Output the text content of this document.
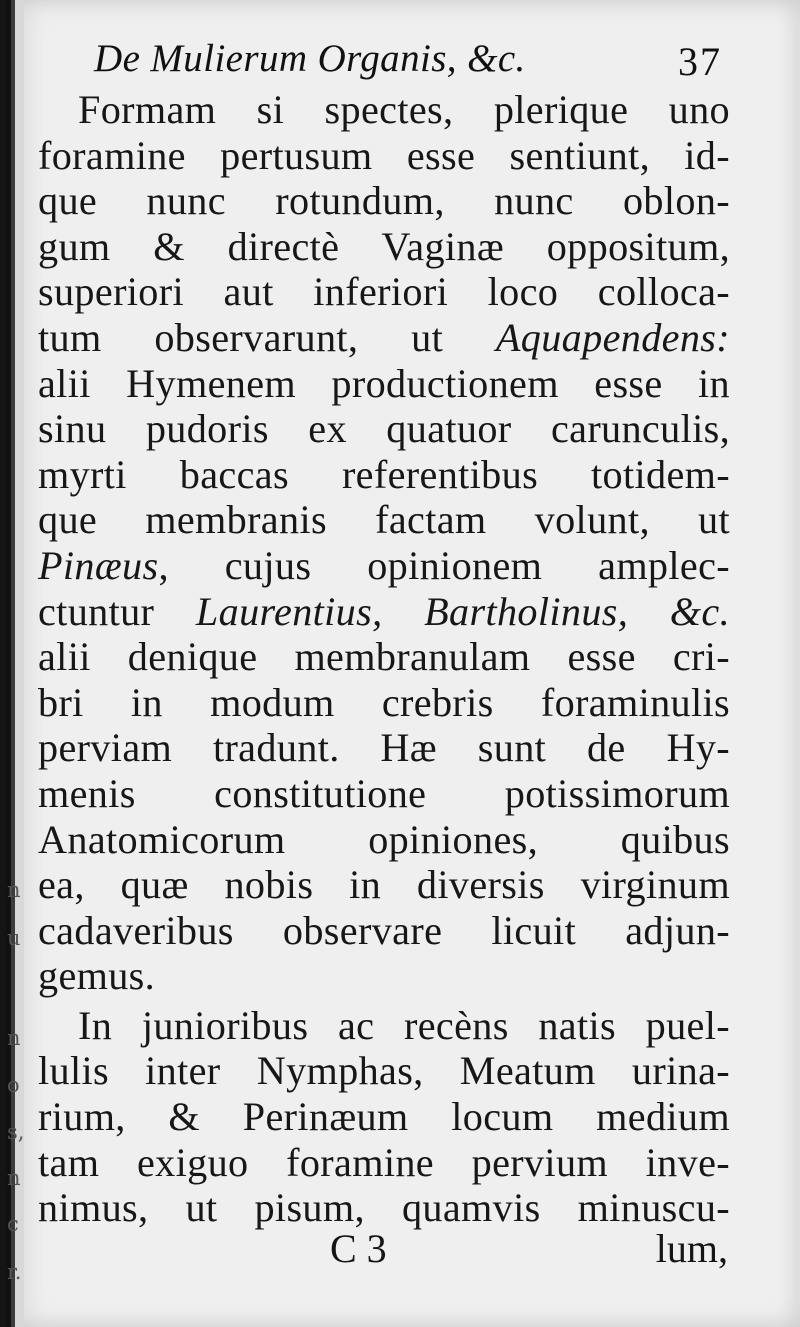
n
u
n
o
s,
n
c
r.
De Mulierum Organis, &c.	37
Formam si spectes, plerique uno
foramine pertusum esse sentiunt, id-
que nunc rotundum, nunc oblon-
gum & directè Vaginæ oppositum,
superiori aut inferiori loco colloca-
tum observarunt, ut Aquapendens:
alii Hymenem productionem esse in
sinu pudoris ex quatuor carunculis,
myrti baccas referentibus totidem-
que membranis factam volunt, ut
Pinæus, cujus opinionem amplec-
ctuntur Laurentius, Bartholinus, &c.
alii denique membranulam esse cri-
bri in modum crebris foraminulis
perviam tradunt. Hæ sunt de Hy-
menis constitutione potissimorum
Anatomicorum opiniones, quibus
ea, quæ nobis in diversis virginum
cadaveribus observare licuit adjun-
gemus.
In junioribus ac recèns natis puel-
lulis inter Nymphas, Meatum urina-
rium, & Perinæum locum medium
tam exiguo foramine pervium inve-
nimus, ut pisum, quamvis minuscu-
C 3	lum,
